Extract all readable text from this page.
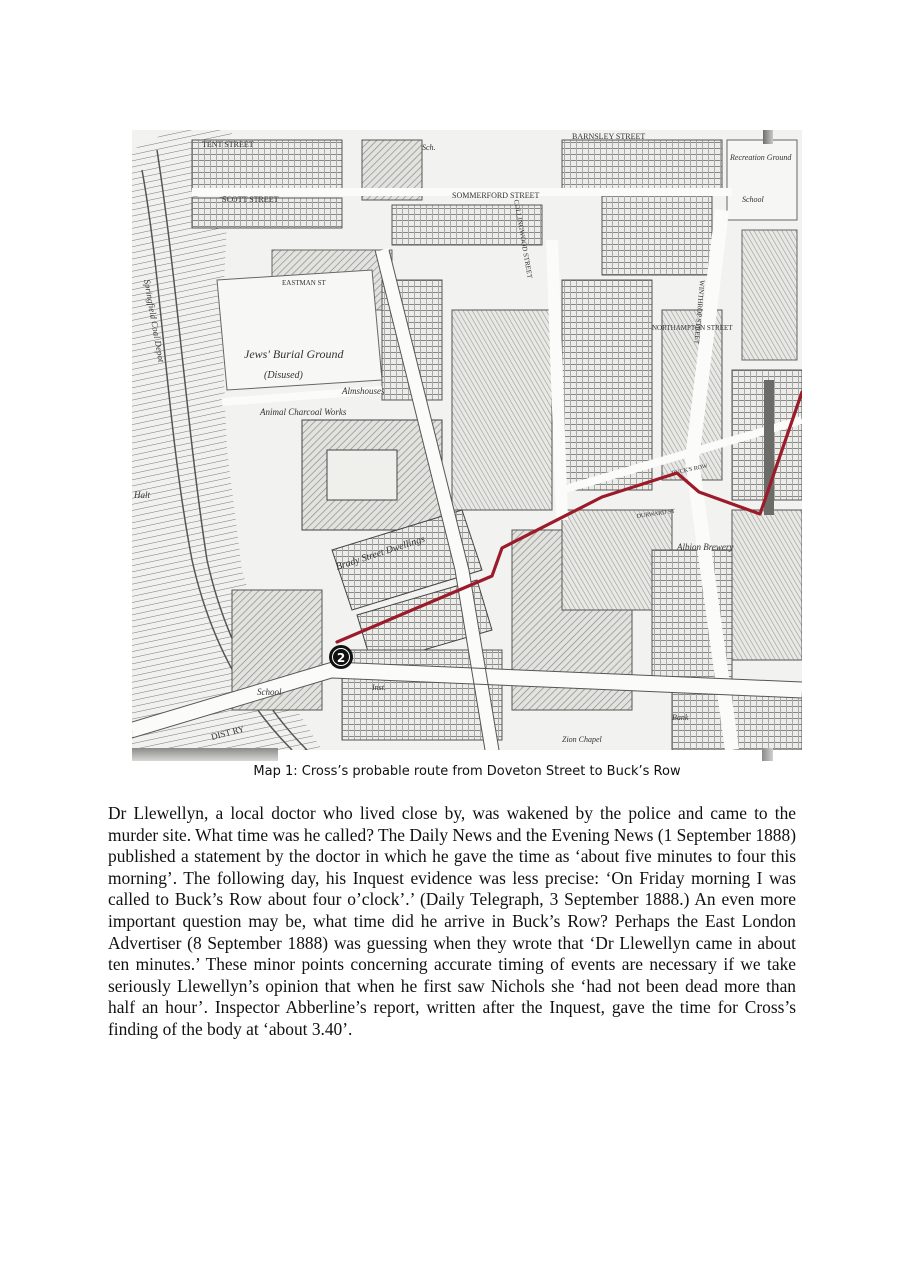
TENT STREET
BARNSLEY STREET
SCOTT STREET	SOMMERFORD STREET
Recreation Ground
School
Sch.
EASTMAN ST
NORTHAMPTON STREET
Jews' Burial Ground
(Disused)
Almshouses
Animal Charcoal Works
Springfield Coal Depot
Brady Street Dwellings	Albion Brewery
School	Inst.
Zion Chapel
Bank
Halt
BUCK'S ROW
DURWARD ST
COLLINGWOOD STREET
WINTHROP STREET
DIST RY
2
Map 1: Cross’s probable route from Doveton Street to Buck’s Row

Dr Llewellyn, a local doctor who lived close by, was wakened by the police and came to the murder site. What time was he called? The Daily News and the Evening News (1 September 1888) published a statement by the doctor in which he gave the time as ‘about five minutes to four this morning’. The following day, his Inquest evidence was less precise: ‘On Friday morning I was called to Buck’s Row about four o’clock’.’ (Daily Telegraph, 3 September 1888.) An even more important question may be, what time did he arrive in Buck’s Row? Perhaps the East London Advertiser (8 September 1888) was guessing when they wrote that ‘Dr Llewellyn came in about ten minutes.’ These minor points concerning accurate timing of events are necessary if we take seriously Llewellyn’s opinion that when he first saw Nichols she ‘had not been dead more than half an hour’. Inspector Abberline’s report, written after the Inquest, gave the time for Cross’s finding of the body at ‘about 3.40’.
